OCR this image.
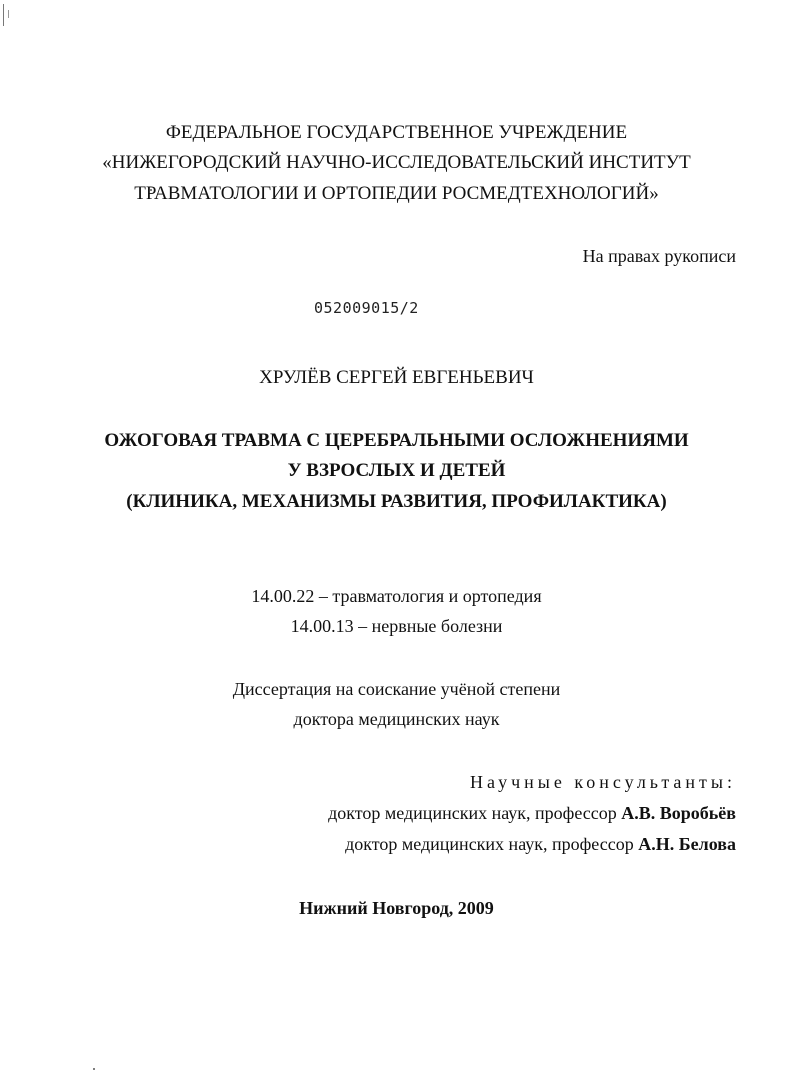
ФЕДЕРАЛЬНОЕ ГОСУДАРСТВЕННОЕ УЧРЕЖДЕНИЕ
«НИЖЕГОРОДСКИЙ НАУЧНО-ИССЛЕДОВАТЕЛЬСКИЙ ИНСТИТУТ
ТРАВМАТОЛОГИИ И ОРТОПЕДИИ РОСМЕДТЕХНОЛОГИЙ»
На правах рукописи
052009015/2
ХРУЛЁВ СЕРГЕЙ ЕВГЕНЬЕВИЧ
ОЖОГОВАЯ ТРАВМА С ЦЕРЕБРАЛЬНЫМИ ОСЛОЖНЕНИЯМИ
У ВЗРОСЛЫХ И ДЕТЕЙ
(КЛИНИКА, МЕХАНИЗМЫ РАЗВИТИЯ, ПРОФИЛАКТИКА)
14.00.22 – травматология и ортопедия
14.00.13 – нервные болезни
Диссертация на соискание учёной степени
доктора медицинских наук
Научные консультанты:
доктор медицинских наук, профессор А.В. Воробьёв
доктор медицинских наук, профессор А.Н. Белова
Нижний Новгород, 2009
